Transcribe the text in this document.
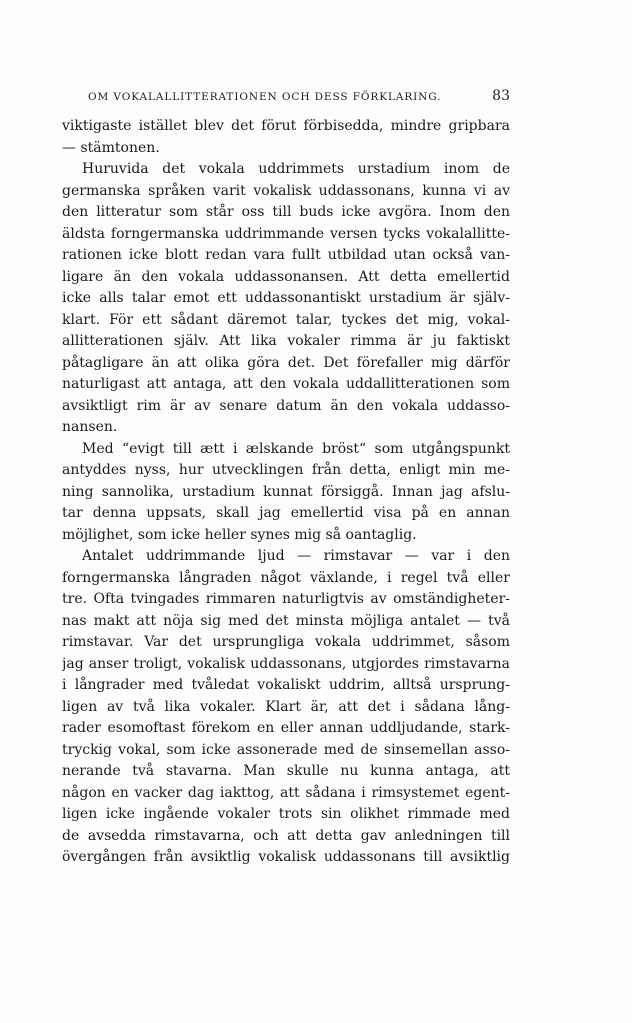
OM VOKALALLITTERATIONEN OCH DESS FÖRKLARING.	83
viktigaste istället blev det förut förbisedda, mindre gripbara
— stämtonen.
Huruvida det vokala uddrimmets urstadium inom de
germanska språken varit vokalisk uddassonans, kunna vi av
den litteratur som står oss till buds icke avgöra. Inom den
äldsta forngermanska uddrimmande versen tycks vokalallitte-
rationen icke blott redan vara fullt utbildad utan också van-
ligare än den vokala uddassonansen. Att detta emellertid
icke alls talar emot ett uddassonantiskt urstadium är själv-
klart. För ett sådant däremot talar, tyckes det mig, vokal-
allitterationen själv. Att lika vokaler rimma är ju faktiskt
påtagligare än att olika göra det. Det förefaller mig därför
naturligast att antaga, att den vokala uddallitterationen som
avsiktligt rim är av senare datum än den vokala uddasso-
nansen.
Med “evigt till ætt i ælskande bröst“ som utgångspunkt
antyddes nyss, hur utvecklingen från detta, enligt min me-
ning sannolika, urstadium kunnat försiggå. Innan jag afslu-
tar denna uppsats, skall jag emellertid visa på en annan
möjlighet, som icke heller synes mig så oantaglig.
Antalet uddrimmande ljud — rimstavar — var i den
forngermanska långraden något växlande, i regel två eller
tre. Ofta tvingades rimmaren naturligtvis av omständigheter-
nas makt att nöja sig med det minsta möjliga antalet — två
rimstavar. Var det ursprungliga vokala uddrimmet, såsom
jag anser troligt, vokalisk uddassonans, utgjordes rimstavarna
i långrader med tvåledat vokaliskt uddrim, alltså ursprung-
ligen av två lika vokaler. Klart är, att det i sådana lång-
rader esomoftast förekom en eller annan uddljudande, stark-
tryckig vokal, som icke assonerade med de sinsemellan asso-
nerande två stavarna. Man skulle nu kunna antaga, att
någon en vacker dag iakttog, att sådana i rimsystemet egent-
ligen icke ingående vokaler trots sin olikhet rimmade med
de avsedda rimstavarna, och att detta gav anledningen till
övergången från avsiktlig vokalisk uddassonans till avsiktlig
